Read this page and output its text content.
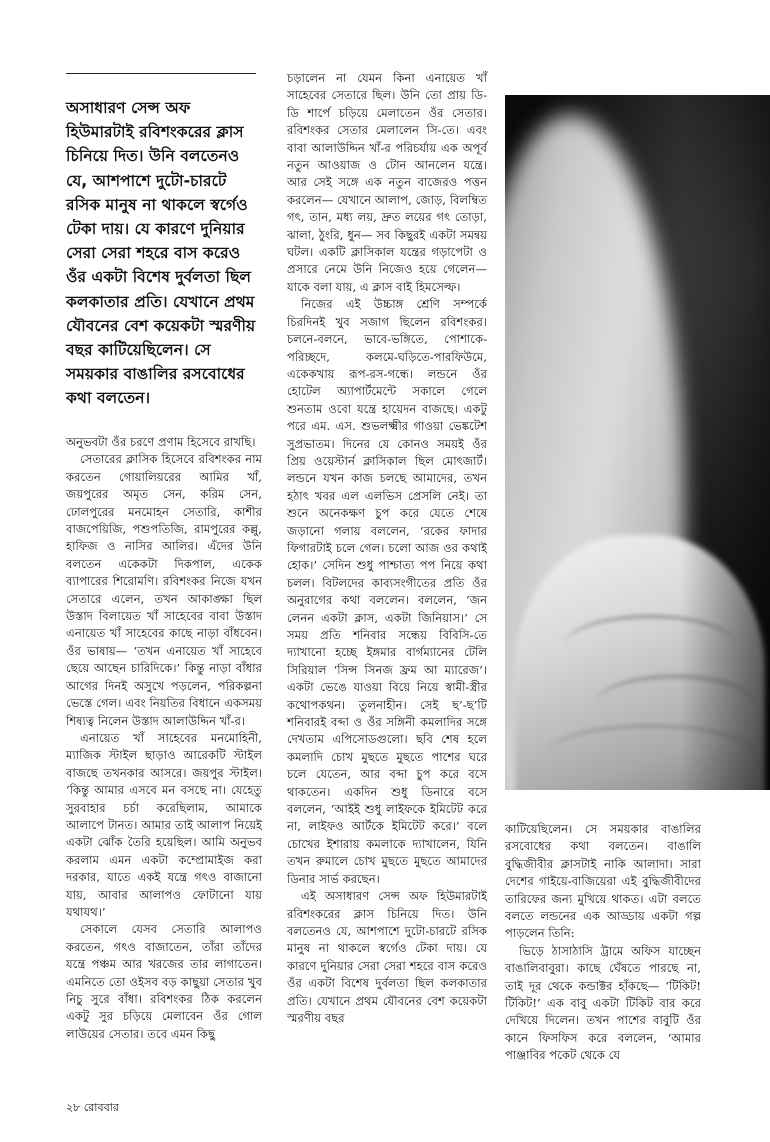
অসাধারণ সেন্স অফ হিউমারটাই রবিশংকরের ক্লাস চিনিয়ে দিত। উনি বলতেনও যে, আশপাশে দুটো-চারটে রসিক মানুষ না থাকলে স্বর্গেও টেকা দায়। যে কারণে দুনিয়ার সেরা সেরা শহরে বাস করেও ওঁর একটা বিশেষ দুর্বলতা ছিল কলকাতার প্রতি। যেখানে প্রথম যৌবনের বেশ কয়েকটা স্মরণীয় বছর কাটিয়েছিলেন। সে সময়কার বাঙালির রসবোধের কথা বলতেন।

অনুভবটা ওঁর চরণে প্রণাম হিসেবে রাখছি।

সেতারের ক্লাসিক হিসেবে রবিশংকর নাম করতেন গোয়ালিয়রের আমির খাঁ, জয়পুরের অমৃত সেন, করিম সেন, ঢোলপুরের মনমোহন সেতারি, কাশীর বাজপেয়িজি, পশুপতিজি, রামপুরের কল্লু, হাফিজ ও নাসির আলির। এঁদের উনি বলতেন একেকটা দিকপাল, একেক ব্যাপারের শিরোমণি। রবিশংকর নিজে যখন সেতারে এলেন, তখন আকাঙ্ক্ষা ছিল উস্তাদ বিলায়েত খাঁ সাহেবের বাবা উস্তাদ এনায়েত খাঁ সাহেবের কাছে নাড়া বাঁধবেন। ওঁর ভাষায়— ‘তখন এনায়েত খাঁ সাহেবে ছেয়ে আছেন চারিদিকে।’ কিন্তু নাড়া বাঁধার আগের দিনই অসুখে পড়লেন, পরিকল্পনা ভেস্তে গেল। এবং নিয়তির বিধানে একসময় শিষ্যত্ব নিলেন উস্তাদ আলাউদ্দিন খাঁ-র।

এনায়েত খাঁ সাহেবের মনমোহিনী, ম্যাজিক স্টাইল ছাড়াও আরেকটি স্টাইল বাজছে তখনকার আসরে। জয়পুর স্টাইল। ‘কিন্তু আমার এসবে মন বসছে না। যেহেতু সুরবাহার চর্চা করেছিলাম, আমাকে আলাপে টানত। আমার তাই আলাপ নিয়েই একটা ঝোঁক তৈরি হয়েছিল। আমি অনুভব করলাম এমন একটা কম্প্রোমাইজ করা দরকার, যাতে একই যন্ত্রে গৎও বাজানো যায়, আবার আলাপও ফোটানো যায় যথাযথ।’

সেকালে যেসব সেতারি আলাপও করতেন, গৎও বাজাতেন, তাঁরা তাঁদের যন্ত্রে পঞ্চম আর খরজের তার লাগাতেন। এমনিতে তো ওইসব বড় কাছুয়া সেতার খুব নিচু সুরে বাঁধা। রবিশংকর ঠিক করলেন একটু সুর চড়িয়ে মেলাবেন ওঁর গোল লাউয়ের সেতার। তবে এমন কিছু

চড়ালেন না যেমন কিনা এনায়েত খাঁ সাহেবের সেতারে ছিল। উনি তো প্রায় ডি-ডি শার্পে চড়িয়ে মেলাতেন ওঁর সেতার। রবিশংকর সেতার মেলালেন সি-তে। এবং বাবা আলাউদ্দিন খাঁ-র পরিচর্যায় এক অপূর্ব নতুন আওয়াজ ও টোন আনলেন যন্ত্রে। আর সেই সঙ্গে এক নতুন বাজেরও পত্তন করলেন— যেখানে আলাপ, জোড়, বিলম্বিত গৎ, তান, মধ্য লয়, দ্রুত লয়ের গৎ তোড়া, ঝালা, ঠুংরি, ধুন— সব কিছুরই একটা সমন্বয় ঘটল। একটি ক্লাসিকাল যন্ত্রের গড়াপেটা ও প্রসারে নেমে উনি নিজেও হয়ে গেলেন— যাকে বলা যায়, এ ক্লাস বাই হিমসেল্ফ।

নিজের এই উচ্চাঙ্গ শ্রেণি সম্পর্কে চিরদিনই খুব সজাগ ছিলেন রবিশংকর। চলনে-বলনে, ভাবে-ভঙ্গিতে, পোশাকে-পরিচ্ছদে, কলমে-ঘড়িতে-পারফিউমে, একেকখায় রূপ-রস-গন্ধে। লন্ডনে ওঁর হোটেল অ্যাপার্টমেন্টে সকালে গেলে শুনতাম ওবো যন্ত্রে হায়েদন বাজছে। একটু পরে এম. এস. শুভলক্ষ্মীর গাওয়া ভেঙ্কটেশ সুপ্রভাতম। দিনের যে কোনও সময়ই ওঁর প্রিয় ওয়েস্টার্ন ক্লাসিকাল ছিল মোৎজার্ট। লন্ডনে যখন কাজ চলছে আমাদের, তখন হঠাৎ খবর এল এলভিস প্রেসলি নেই। তা শুনে অনেকক্ষণ চুপ করে যেতে শেষে জড়ানো গলায় বললেন, ‘রকের ফাদার ফিগারটাই চলে গেল। চলো আজ ওর কথাই হোক।’ সেদিন শুধু পাশ্চাত্য পপ নিয়ে কথা চলল। বিটলদের কাব্যসংগীতের প্রতি ওঁর অনুরাগের কথা বললেন। বললেন, ‘জন লেনন একটা ক্লাস, একটা জিনিয়াস।’ সে সময় প্রতি শনিবার সন্ধেয় বিবিসি-তে দ্যাখানো হচ্ছে ইঙ্গমার বার্গম্যানের টেলি সিরিয়াল ‘সিন্স সিনজ ফ্রম আ ম্যারেজ’। একটা ভেঙে যাওয়া বিয়ে নিয়ে স্বামী-স্ত্রীর কথোপকথন। তুলনাহীন। সেই ছ’-ছ’টি শনিবারই বব্দা ও ওঁর সঙ্গিনী কমলাদির সঙ্গে দেখতাম এপিসোডগুলো। ছবি শেষ হলে কমলাদি চোখ মুছতে মুছতে পাশের ঘরে চলে যেতেন, আর বব্দা চুপ করে বসে থাকতেন। একদিন শুধু ডিনারে বসে বললেন, ‘আইই শুধু লাইফকে ইমিটেট করে না, লাইফও আর্টকে ইমিটেট করে।’ বলে চোখের ইশারায় কমলাকে দ্যাখালেন, যিনি তখন রুমালে চোখ মুছতে মুছতে আমাদের ডিনার সার্ভ করছেন।

এই অসাধারণ সেন্স অফ হিউমারটাই রবিশংকরের ক্লাস চিনিয়ে দিত। উনি বলতেনও যে, আশপাশে দুটো-চারটে রসিক মানুষ না থাকলে স্বর্গেও টেকা দায়। যে কারণে দুনিয়ার সেরা সেরা শহরে বাস করেও ওঁর একটা বিশেষ দুর্বলতা ছিল কলকাতার প্রতি। যেখানে প্রথম যৌবনের বেশ কয়েকটা স্মরণীয় বছর

কাটিয়েছিলেন। সে সময়কার বাঙালির রসবোধের কথা বলতেন। বাঙালি বুদ্ধিজীবীর ক্লাসটাই নাকি আলাদা। সারা দেশের গাইয়ে-বাজিয়েরা এই বুদ্ধিজীবীদের তারিফের জন্য মুখিয়ে থাকত। এটা বলতে বলতে লন্ডনের এক আড্ডায় একটা গল্প পাড়লেন তিনি:

ভিড়ে ঠাসাঠাসি ট্রামে অফিস যাচ্ছেন বাঙালিবাবুরা। কাছে ঘেঁষতে পারছে না, তাই দূর থেকে কন্ডাক্টর হাঁকছে— ‘টিকিট! টিকিট!’ এক বাবু একটা টিকিট বার করে দেখিয়ে দিলেন। তখন পাশের বাবুটি ওঁর কানে ফিসফিস করে বললেন, ‘আমার পাঞ্জাবির পকেট থেকে যে

২৮ রোববার
